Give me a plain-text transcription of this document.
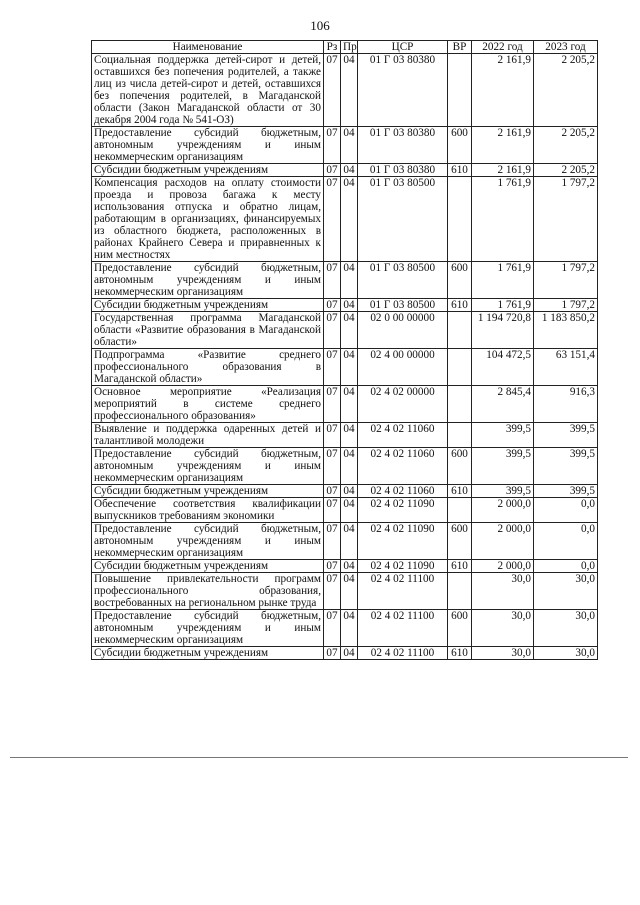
106
Наименование	Рз	Пр	ЦСР	ВР	2022 год	2023 год
Социальная поддержка детей-сирот и детей, оставшихся без попечения родителей, а также лиц из числа детей-сирот и детей, оставшихся без попечения родителей, в Магаданской области (Закон Магаданской области от 30 декабря 2004 года № 541-ОЗ)	07	04	01 Г 03 80380		2 161,9	2 205,2
Предоставление субсидий бюджетным, автономным учреждениям и иным некоммерческим организациям	07	04	01 Г 03 80380	600	2 161,9	2 205,2
Субсидии бюджетным учреждениям	07	04	01 Г 03 80380	610	2 161,9	2 205,2
Компенсация расходов на оплату стоимости проезда и провоза багажа к месту использования отпуска и обратно лицам, работающим в организациях, финансируемых из областного бюджета, расположенных в районах Крайнего Севера и приравненных к ним местностях	07	04	01 Г 03 80500		1 761,9	1 797,2
Предоставление субсидий бюджетным, автономным учреждениям и иным некоммерческим организациям	07	04	01 Г 03 80500	600	1 761,9	1 797,2
Субсидии бюджетным учреждениям	07	04	01 Г 03 80500	610	1 761,9	1 797,2
Государственная программа Магаданской области «Развитие образования в Магаданской области»	07	04	02 0 00 00000		1 194 720,8	1 183 850,2
Подпрограмма «Развитие среднего профессионального образования в Магаданской области»	07	04	02 4 00 00000		104 472,5	63 151,4
Основное мероприятие «Реализация мероприятий в системе среднего профессионального образования»	07	04	02 4 02 00000		2 845,4	916,3
Выявление и поддержка одаренных детей и талантливой молодежи	07	04	02 4 02 11060		399,5	399,5
Предоставление субсидий бюджетным, автономным учреждениям и иным некоммерческим организациям	07	04	02 4 02 11060	600	399,5	399,5
Субсидии бюджетным учреждениям	07	04	02 4 02 11060	610	399,5	399,5
Обеспечение соответствия квалификации выпускников требованиям экономики	07	04	02 4 02 11090		2 000,0	0,0
Предоставление субсидий бюджетным, автономным учреждениям и иным некоммерческим организациям	07	04	02 4 02 11090	600	2 000,0	0,0
Субсидии бюджетным учреждениям	07	04	02 4 02 11090	610	2 000,0	0,0
Повышение привлекательности программ профессионального образования, востребованных на региональном рынке труда	07	04	02 4 02 11100		30,0	30,0
Предоставление субсидий бюджетным, автономным учреждениям и иным некоммерческим организациям	07	04	02 4 02 11100	600	30,0	30,0
Субсидии бюджетным учреждениям	07	04	02 4 02 11100	610	30,0	30,0
